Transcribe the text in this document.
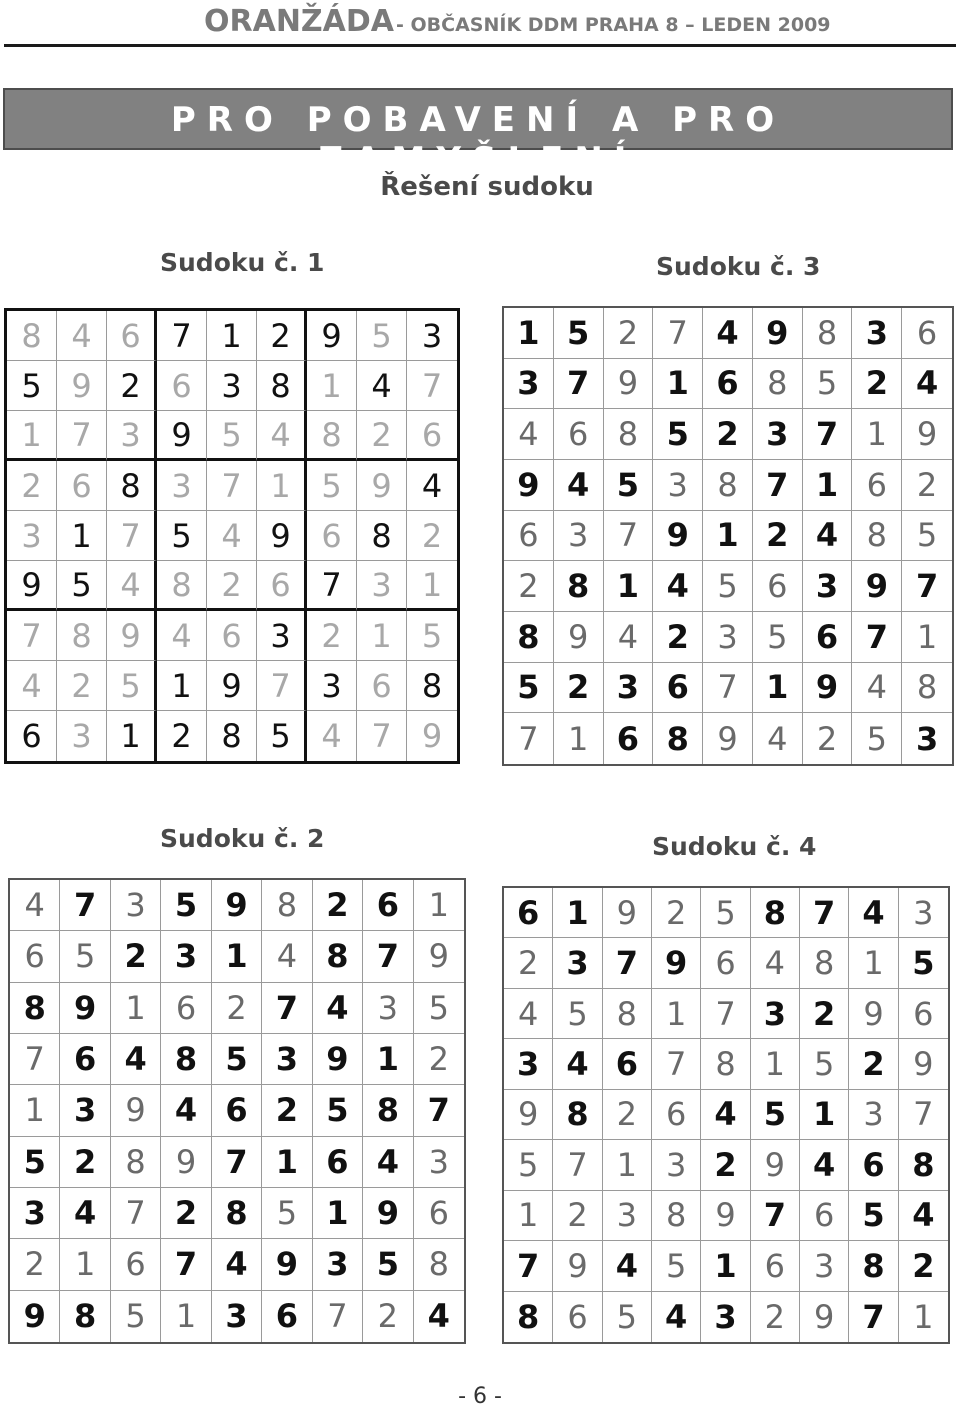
ORANŽÁDA - OBČASNÍK DDM PRAHA 8 – LEDEN 2009
PRO POBAVENÍ A PRO ZAMYŠLENÍ
Řešení sudoku
Sudoku č. 1
8 4 6 7 1 2 9 5 3
5 9 2 6 3 8 1 4 7
1 7 3 9 5 4 8 2 6
2 6 8 3 7 1 5 9 4
3 1 7 5 4 9 6 8 2
9 5 4 8 2 6 7 3 1
7 8 9 4 6 3 2 1 5
4 2 5 1 9 7 3 6 8
6 3 1 2 8 5 4 7 9
Sudoku č. 3
1 5 2 7 4 9 8 3 6
3 7 9 1 6 8 5 2 4
4 6 8 5 2 3 7 1 9
9 4 5 3 8 7 1 6 2
6 3 7 9 1 2 4 8 5
2 8 1 4 5 6 3 9 7
8 9 4 2 3 5 6 7 1
5 2 3 6 7 1 9 4 8
7 1 6 8 9 4 2 5 3
Sudoku č. 2
4 7 3 5 9 8 2 6 1
6 5 2 3 1 4 8 7 9
8 9 1 6 2 7 4 3 5
7 6 4 8 5 3 9 1 2
1 3 9 4 6 2 5 8 7
5 2 8 9 7 1 6 4 3
3 4 7 2 8 5 1 9 6
2 1 6 7 4 9 3 5 8
9 8 5 1 3 6 7 2 4
Sudoku č. 4
6 1 9 2 5 8 7 4 3
2 3 7 9 6 4 8 1 5
4 5 8 1 7 3 2 9 6
3 4 6 7 8 1 5 2 9
9 8 2 6 4 5 1 3 7
5 7 1 3 2 9 4 6 8
1 2 3 8 9 7 6 5 4
7 9 4 5 1 6 3 8 2
8 6 5 4 3 2 9 7 1
- 6 -
